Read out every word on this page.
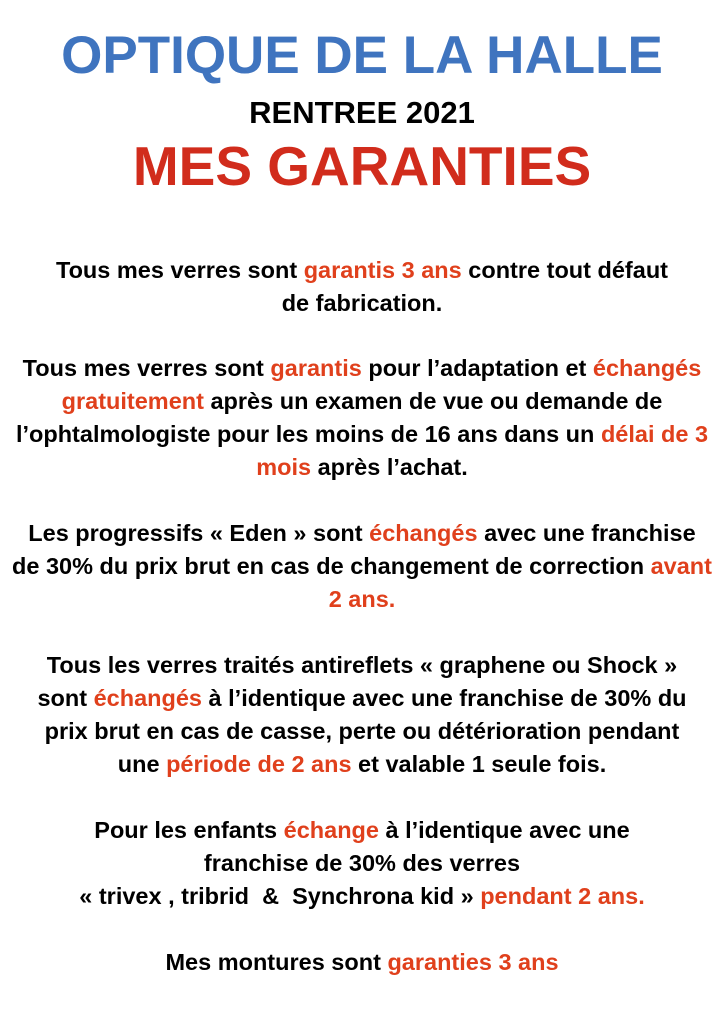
OPTIQUE DE LA HALLE
RENTREE 2021
MES GARANTIES

Tous mes verres sont garantis 3 ans contre tout défaut de fabrication.

Tous mes verres sont garantis pour l’adaptation et échangés gratuitement après un examen de vue ou demande de l’ophtalmologiste pour les moins de 16 ans dans un délai de 3 mois après l’achat.

Les progressifs « Eden » sont échangés avec une franchise de 30% du prix brut en cas de changement de correction avant 2 ans.

Tous les verres traités antireflets « graphene ou Shock » sont échangés à l’identique avec une franchise de 30% du prix brut en cas de casse, perte ou détérioration pendant une période de 2 ans et valable 1 seule fois.

Pour les enfants échange à l’identique avec une franchise de 30% des verres
« trivex , tribrid  &  Synchrona kid » pendant 2 ans.

Mes montures sont garanties 3 ans
